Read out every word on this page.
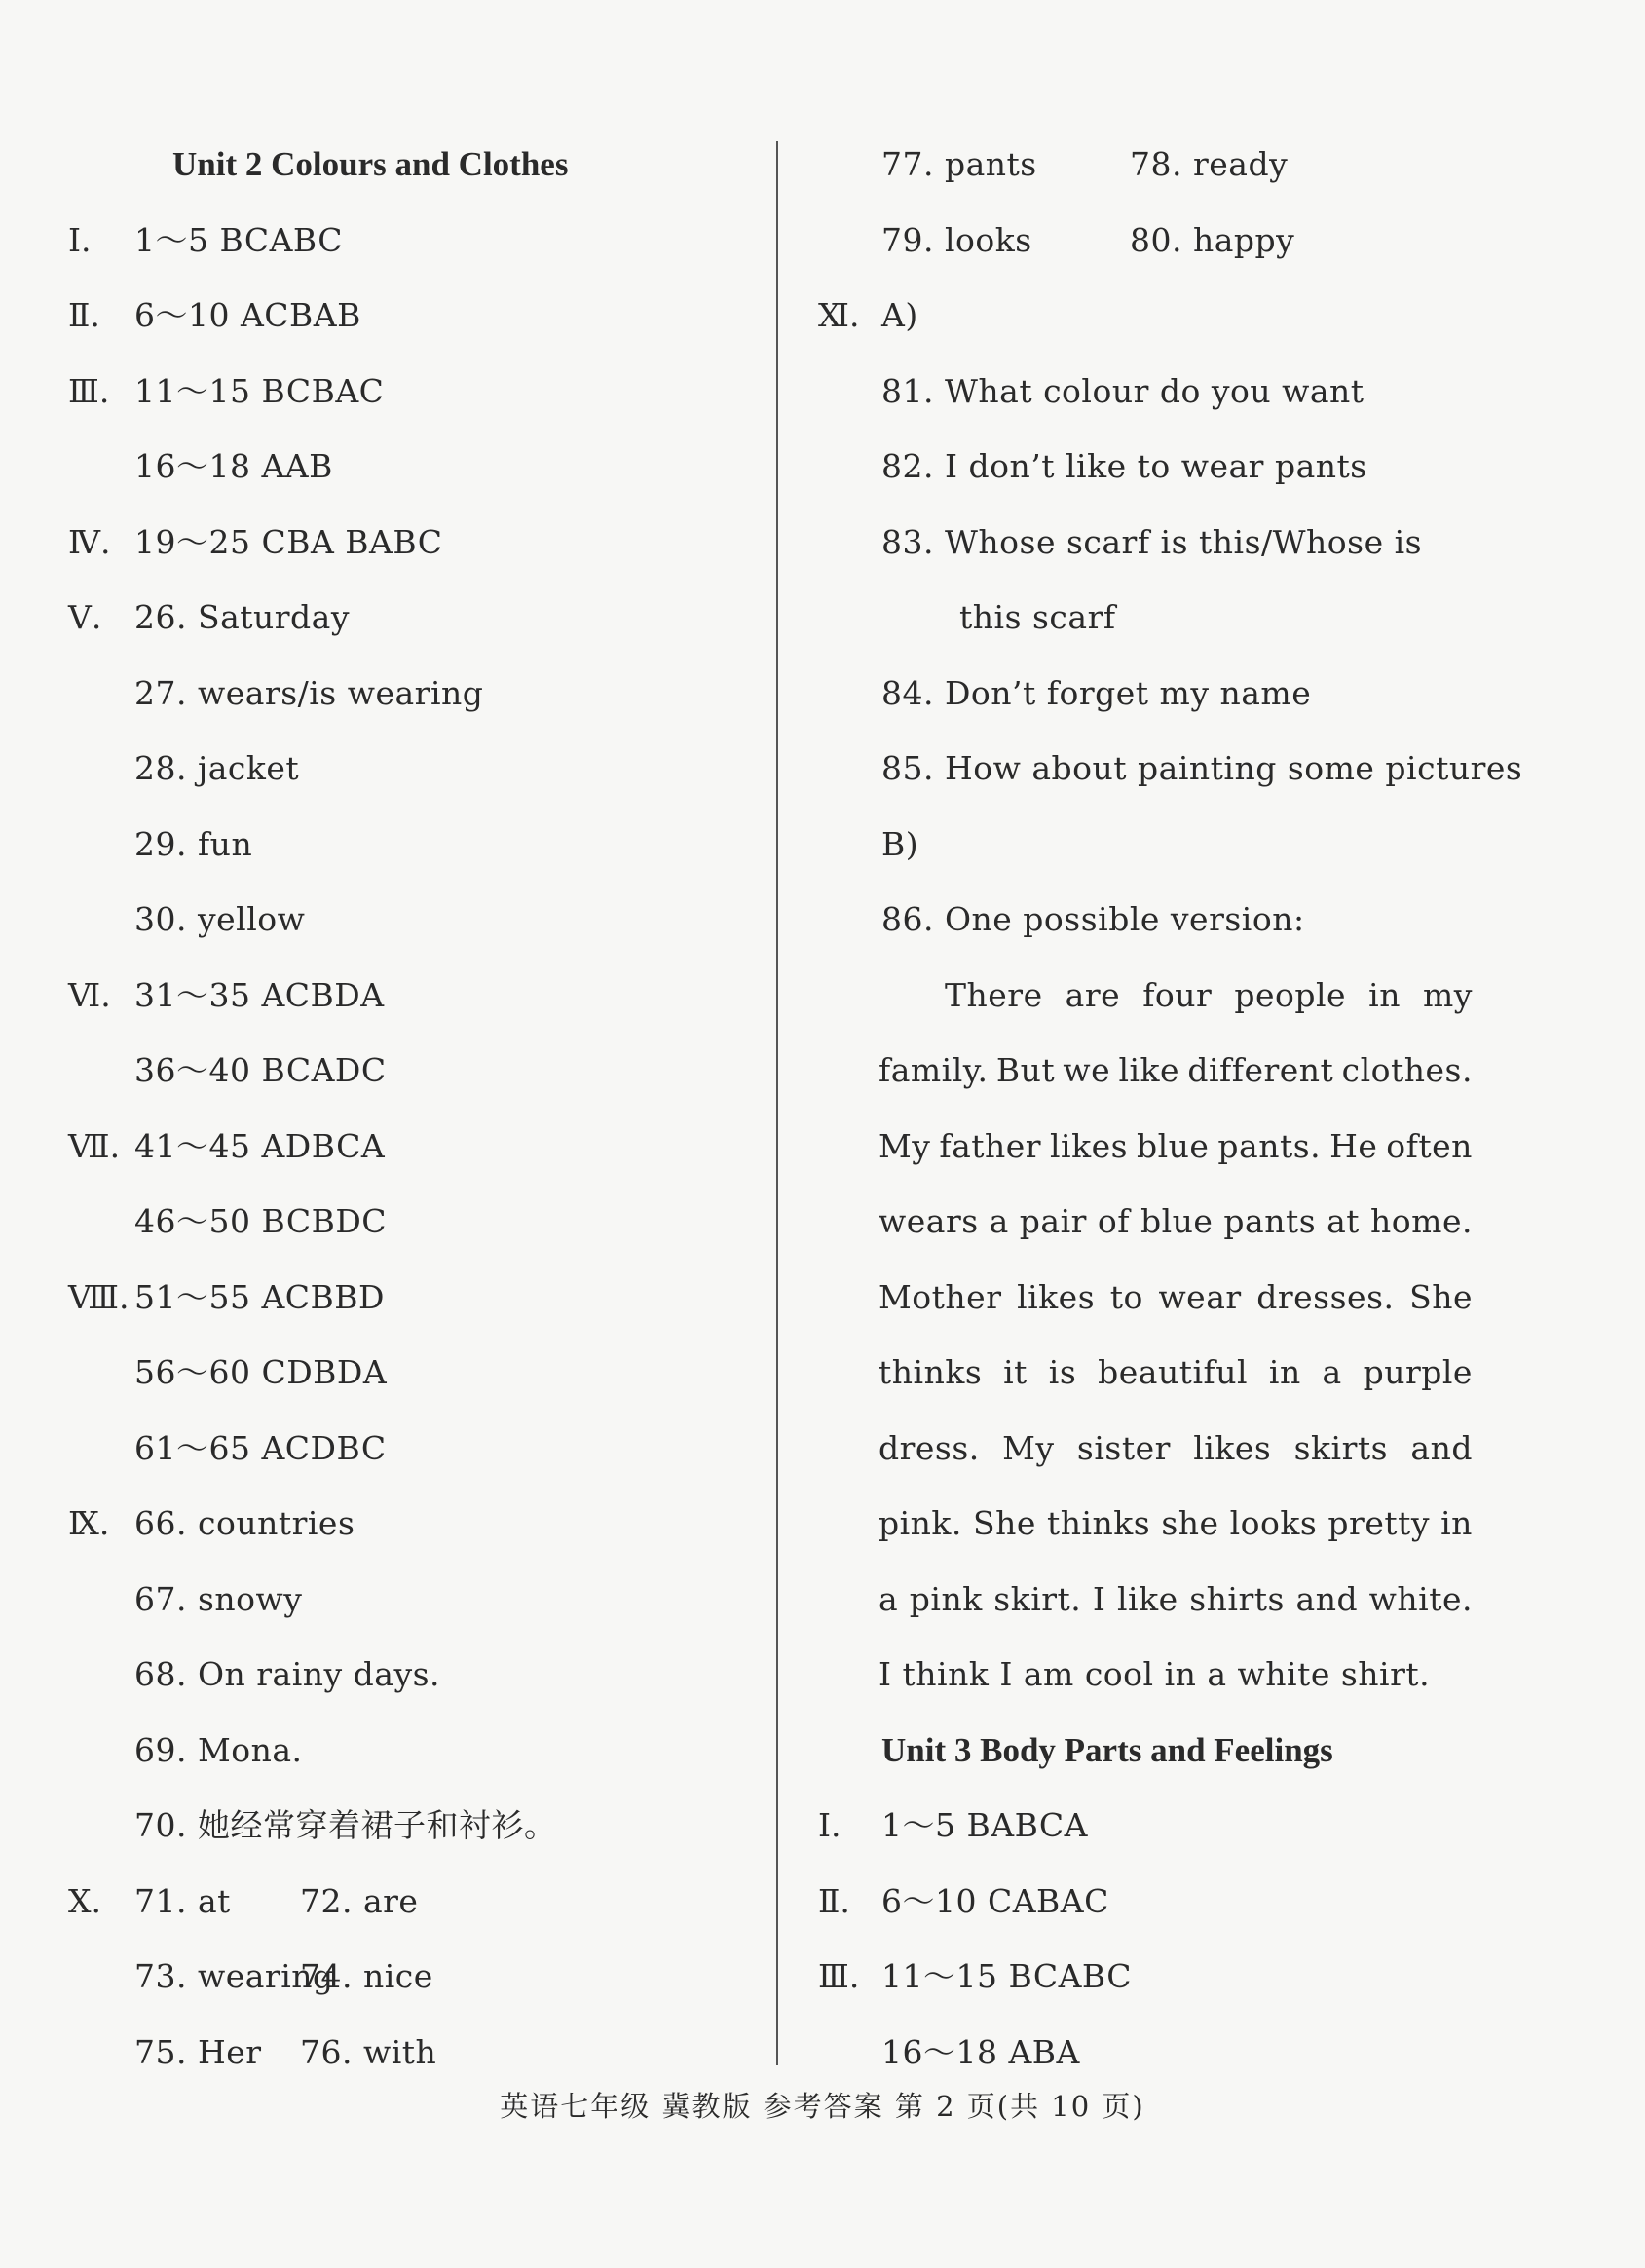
Unit 2 Colours and Clothes
Ⅰ. 1～5 BCABC
Ⅱ. 6～10 ACBAB
Ⅲ. 11～15 BCBAC
16～18 AAB
Ⅳ. 19～25 CBA BABC
Ⅴ. 26. Saturday
27. wears/is wearing
28. jacket
29. fun
30. yellow
Ⅵ. 31～35 ACBDA
36～40 BCADC
Ⅶ. 41～45 ADBCA
46～50 BCBDC
Ⅷ. 51～55 ACBBD
56～60 CDBDA
61～65 ACDBC
Ⅸ. 66. countries
67. snowy
68. On rainy days.
69. Mona.
70. 她经常穿着裙子和衬衫。
Ⅹ. 71. at 72. are
73. wearing74. nice
75. Her 76. with
77. pants	78. ready
79. looks	80. happy
Ⅺ. A)
81. What colour do you want
82. I don’t like to wear pants
83. Whose scarf is this/Whose is
this scarf
84. Don’t forget my name
85. How about painting some pictures
B)
86. One possible version:
There are four people in my
family. But we like different clothes.
My father likes blue pants. He often
wears a pair of blue pants at home.
Mother likes to wear dresses. She
thinks it is beautiful in a purple
dress. My sister likes skirts and
pink. She thinks she looks pretty in
a pink skirt. I like shirts and white.
I think I am cool in a white shirt.
Unit 3 Body Parts and Feelings
Ⅰ. 1～5 BABCA
Ⅱ. 6～10 CABAC
Ⅲ. 11～15 BCABC
16～18 ABA
英语七年级 冀教版 参考答案 第 2 页(共 10 页)
